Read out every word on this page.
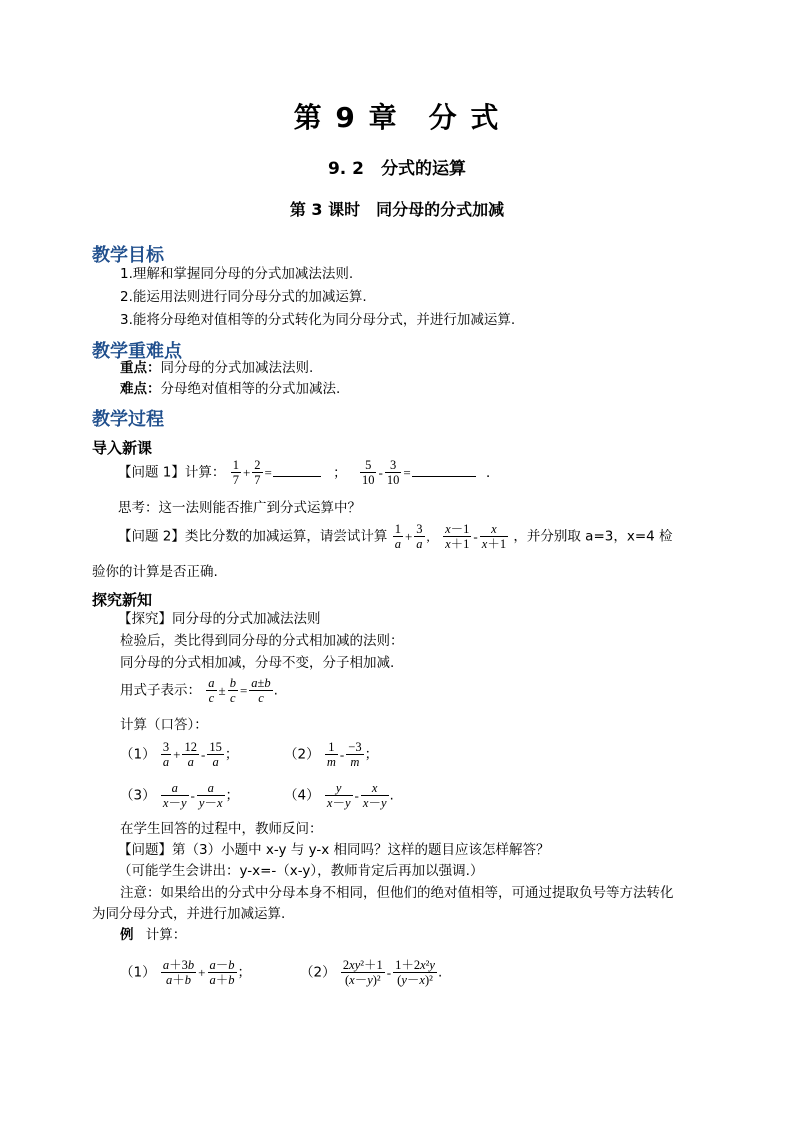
第 9 章　分 式
9. 2　分式的运算
第 3 课时　同分母的分式加减
教学目标
1.理解和掌握同分母的分式加减法法则.
2.能运用法则进行同分母分式的加减运算.
3.能将分母绝对值相等的分式转化为同分母分式，并进行加减运算.
教学重难点
重点：同分母的分式加减法法则.
难点：分母绝对值相等的分式加减法.
教学过程
导入新课
【问题 1】计算： $\frac{1}{7} + \frac{2}{7}$ =	； $\frac{5}{10} - \frac{3}{10}$ =	．
思考：这一法则能否推广到分式运算中？
【问题 2】类比分数的加减运算，请尝试计算 $\frac{1}{a} + \frac{3}{a}$ , $\frac{x-1}{x+1} - \frac{x}{x+1}$ ，并分别取 a=3，x=4 检
验你的计算是否正确.
探究新知
【探究】同分母的分式加减法法则
检验后，类比得到同分母的分式相加减的法则：
同分母的分式相加减，分母不变，分子相加减.
用式子表示： $\frac{a}{c} \pm \frac{b}{c} = \frac{a\pm b}{c}$ .
计算（口答）：
$(1) \frac{3}{a} + \frac{12}{a} - \frac{15}{a}$ ；	$(2) \frac{1}{m} - \frac{-3}{m}$ ；
$(3) \frac{a}{x-y} - \frac{a}{y-x}$ ；	$(4) \frac{y}{x-y} - \frac{x}{x-y}$ .
在学生回答的过程中，教师反问：
【问题】第（3）小题中 x-y 与 y-x 相同吗？这样的题目应该怎样解答？
（可能学生会讲出：y-x=-（x-y），教师肯定后再加以强调.）
注意：如果给出的分式中分母本身不相同，但他们的绝对值相等，可通过提取负号等方法转化
为同分母分式，并进行加减运算.
例 计算：
$(1) \frac{a+3b}{a+b} + \frac{a-b}{a+b}$ ；	$(2) \frac{\text{2xy²＋1}}{\text{(x－y)²}} - \frac{\text{1＋2x²y}}{\text{(y－x)²}}$ .
